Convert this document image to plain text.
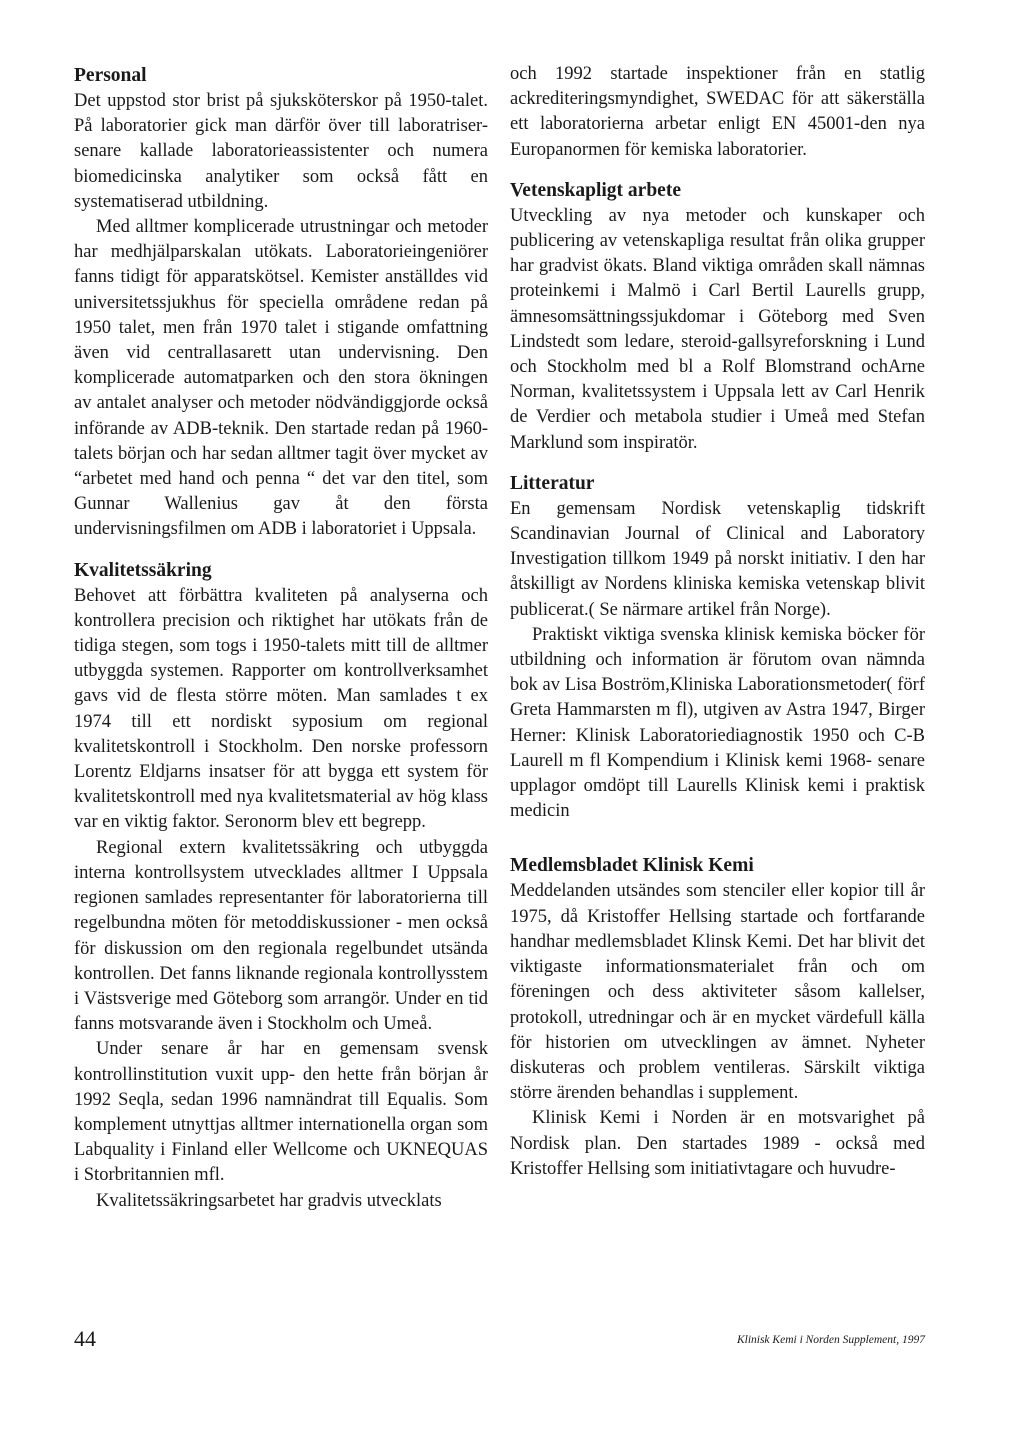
Personal

Det uppstod stor brist på sjuksköterskor på 1950-talet. På laboratorier gick man därför över till laboratriser-senare kallade laboratorieassistenter och numera biomedicinska analytiker som också fått en systematiserad utbildning.

Med alltmer komplicerade utrustningar och metoder har medhjälparskalan utökats. Laboratorieingeniörer fanns tidigt för apparatskötsel. Kemister anställdes vid universitetssjukhus för speciella områdene redan på 1950 talet, men från 1970 talet i stigande omfattning även vid centrallasarett utan undervisning. Den komplicerade automatparken och den stora ökningen av antalet analyser och metoder nödvändiggjorde också införande av ADB-teknik. Den startade redan på 1960-talets början och har sedan alltmer tagit över mycket av “arbetet med hand och penna “ det var den titel, som Gunnar Wallenius gav åt den första undervisningsfilmen om ADB i laboratoriet i Uppsala.

Kvalitetssäkring

Behovet att förbättra kvaliteten på analyserna och kontrollera precision och riktighet har utökats från de tidiga stegen, som togs i 1950-talets mitt till de alltmer utbyggda systemen. Rapporter om kontrollverksamhet gavs vid de flesta större möten. Man samlades t ex 1974 till ett nordiskt syposium om regional kvalitetskontroll i Stockholm. Den norske professorn Lorentz Eldjarns insatser för att bygga ett system för kvalitetskontroll med nya kvalitetsmaterial av hög klass var en viktig faktor. Seronorm blev ett begrepp.

Regional extern kvalitetssäkring och utbyggda interna kontrollsystem utvecklades alltmer I Uppsala regionen samlades representanter för laboratorierna till regelbundna möten för metoddiskussioner - men också för diskussion om den regionala regelbundet utsända kontrollen. Det fanns liknande regionala kontrollysstem i Västsverige med Göteborg som arrangör. Under en tid fanns motsvarande även i Stockholm och Umeå.

Under senare år har en gemensam svensk kontrollinstitution vuxit upp- den hette från början år 1992 Seqla, sedan 1996 namnändrat till Equalis. Som komplement utnyttjas alltmer internationella organ som Labquality i Finland eller Wellcome och UKNEQUAS i Storbritannien mfl.

Kvalitetssäkringsarbetet har gradvis utvecklats

och 1992 startade inspektioner från en statlig ackrediteringsmyndighet, SWEDAC för att säkerställa ett laboratorierna arbetar enligt EN 45001-den nya Europanormen för kemiska laboratorier.

Vetenskapligt arbete

Utveckling av nya metoder och kunskaper och publicering av vetenskapliga resultat från olika grupper har gradvist ökats. Bland viktiga områden skall nämnas proteinkemi i Malmö i Carl Bertil Laurells grupp, ämnesomsättningssjukdomar i Göteborg med Sven Lindstedt som ledare, steroid-gallsyreforskning i Lund och Stockholm med bl a Rolf Blomstrand ochArne Norman, kvalitetssystem i Uppsala lett av Carl Henrik de Verdier och metabola studier i Umeå med Stefan Marklund som inspiratör.

Litteratur

En gemensam Nordisk vetenskaplig tidskrift Scandinavian Journal of Clinical and Laboratory Investigation tillkom 1949 på norskt initiativ. I den har åtskilligt av Nordens kliniska kemiska vetenskap blivit publicerat.( Se närmare artikel från Norge).

Praktiskt viktiga svenska klinisk kemiska böcker för utbildning och information är förutom ovan nämnda bok av Lisa Boström,Kliniska Laborationsmetoder( förf Greta Hammarsten m fl), utgiven av Astra 1947, Birger Herner: Klinisk Laboratoriediagnostik 1950 och C-B Laurell m fl Kompendium i Klinisk kemi 1968- senare upplagor omdöpt till Laurells Klinisk kemi i praktisk medicin

Medlemsbladet Klinisk Kemi

Meddelanden utsändes som stenciler eller kopior till år 1975, då Kristoffer Hellsing startade och fortfarande handhar medlemsbladet Klinsk Kemi. Det har blivit det viktigaste informationsmaterialet från och om föreningen och dess aktiviteter såsom kallelser, protokoll, utredningar och är en mycket värdefull källa för historien om utvecklingen av ämnet. Nyheter diskuteras och problem ventileras. Särskilt viktiga större ärenden behandlas i supplement.

Klinisk Kemi i Norden är en motsvarighet på Nordisk plan. Den startades 1989 - också med Kristoffer Hellsing som initiativtagare och huvudre-

44	Klinisk Kemi i Norden Supplement, 1997
